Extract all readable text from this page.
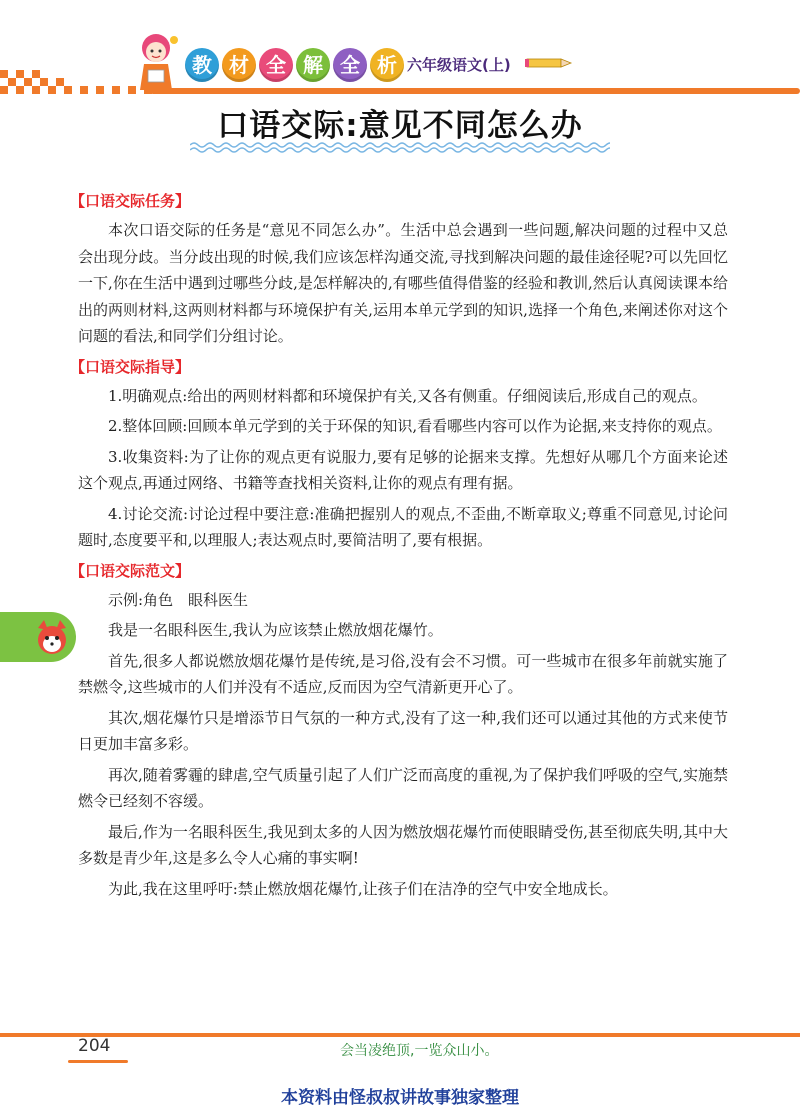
教 材 全 解 全 析 六年级语文(上)
口语交际:意见不同怎么办
【口语交际任务】

本次口语交际的任务是“意见不同怎么办”。生活中总会遇到一些问题,解决问题的过程中又总会出现分歧。当分歧出现的时候,我们应该怎样沟通交流,寻找到解决问题的最佳途径呢?可以先回忆一下,你在生活中遇到过哪些分歧,是怎样解决的,有哪些值得借鉴的经验和教训,然后认真阅读课本给出的两则材料,这两则材料都与环境保护有关,运用本单元学到的知识,选择一个角色,来阐述你对这个问题的看法,和同学们分组讨论。

【口语交际指导】

1.明确观点:给出的两则材料都和环境保护有关,又各有侧重。仔细阅读后,形成自己的观点。

2.整体回顾:回顾本单元学到的关于环保的知识,看看哪些内容可以作为论据,来支持你的观点。

3.收集资料:为了让你的观点更有说服力,要有足够的论据来支撑。先想好从哪几个方面来论述这个观点,再通过网络、书籍等查找相关资料,让你的观点有理有据。

4.讨论交流:讨论过程中要注意:准确把握别人的观点,不歪曲,不断章取义;尊重不同意见,讨论问题时,态度要平和,以理服人;表达观点时,要简洁明了,要有根据。

【口语交际范文】

示例:角色　眼科医生

我是一名眼科医生,我认为应该禁止燃放烟花爆竹。

首先,很多人都说燃放烟花爆竹是传统,是习俗,没有会不习惯。可一些城市在很多年前就实施了禁燃令,这些城市的人们并没有不适应,反而因为空气清新更开心了。

其次,烟花爆竹只是增添节日气氛的一种方式,没有了这一种,我们还可以通过其他的方式来使节日更加丰富多彩。

再次,随着雾霾的肆虐,空气质量引起了人们广泛而高度的重视,为了保护我们呼吸的空气,实施禁燃令已经刻不容缓。

最后,作为一名眼科医生,我见到太多的人因为燃放烟花爆竹而使眼睛受伤,甚至彻底失明,其中大多数是青少年,这是多么令人心痛的事实啊!

为此,我在这里呼吁:禁止燃放烟花爆竹,让孩子们在洁净的空气中安全地成长。

204	会当凌绝顶,一览众山小。
本资料由怪叔叔讲故事独家整理
